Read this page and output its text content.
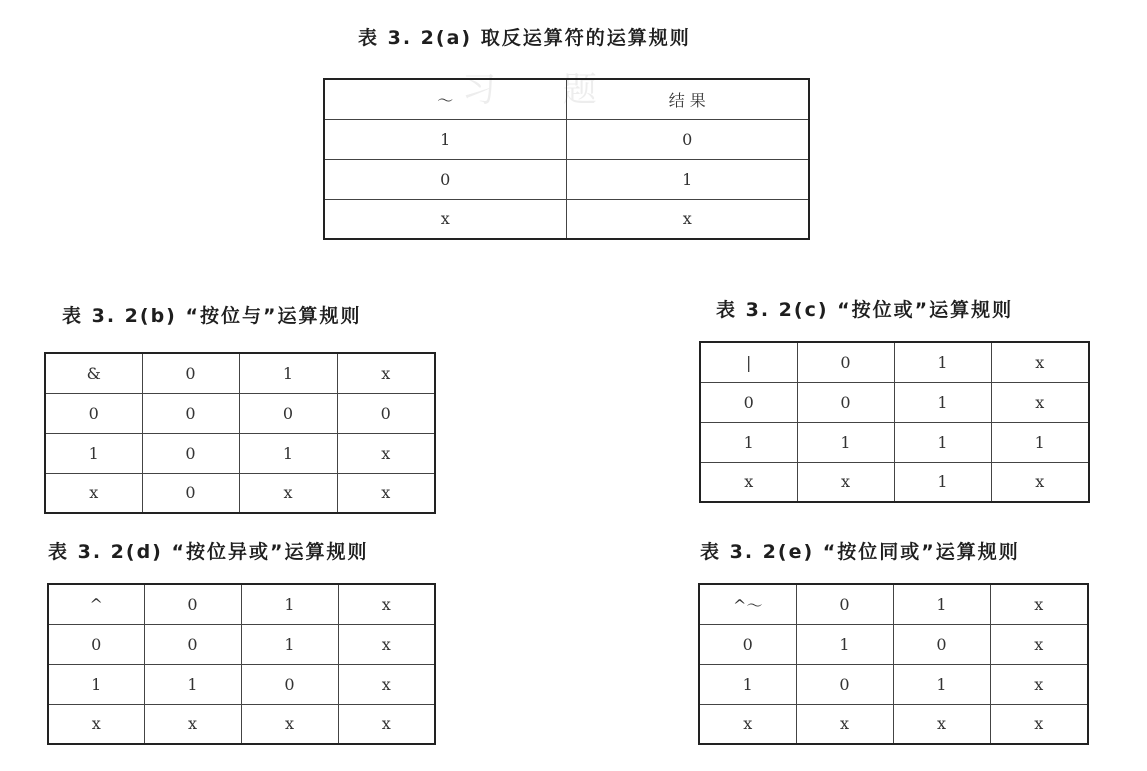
习 题
表 3. 2(a) 取反运算符的运算规则
～	结 果
1	0
0	1
x	x
表 3. 2(b) “按位与”运算规则
&	0	1	x
0	0	0	0
1	0	1	x
x	0	x	x
表 3. 2(c) “按位或”运算规则
|	0	1	x
0	0	1	x
1	1	1	1
x	x	1	x
表 3. 2(d) “按位异或”运算规则
^	0	1	x
0	0	1	x
1	1	0	x
x	x	x	x
表 3. 2(e) “按位同或”运算规则
^～	0	1	x
0	1	0	x
1	0	1	x
x	x	x	x
